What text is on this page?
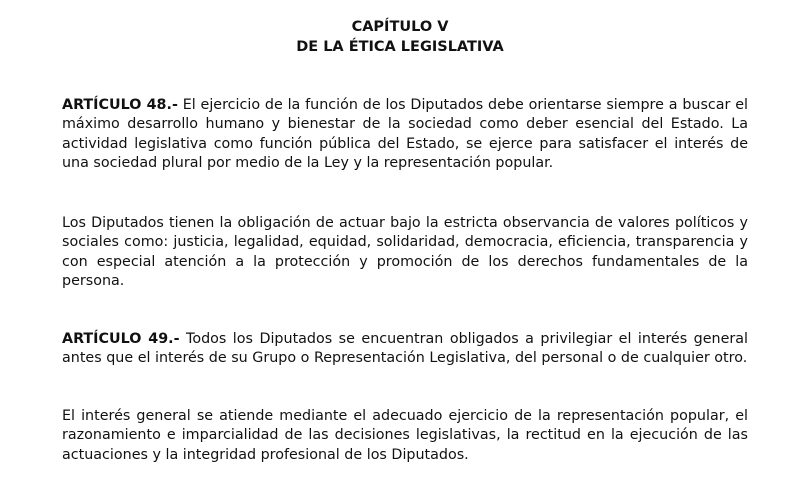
CAPÍTULO V
DE LA ÉTICA LEGISLATIVA

ARTÍCULO 48.- El ejercicio de la función de los Diputados debe orientarse siempre a buscar el máximo desarrollo humano y bienestar de la sociedad como deber esencial del Estado. La actividad legislativa como función pública del Estado, se ejerce para satisfacer el interés de una sociedad plural por medio de la Ley y la representación popular.

Los Diputados tienen la obligación de actuar bajo la estricta observancia de valores políticos y sociales como: justicia, legalidad, equidad, solidaridad, democracia, eficiencia, transparencia y con especial atención a la protección y promoción de los derechos fundamentales de la persona.

ARTÍCULO 49.- Todos los Diputados se encuentran obligados a privilegiar el interés general antes que el interés de su Grupo o Representación Legislativa, del personal o de cualquier otro.

El interés general se atiende mediante el adecuado ejercicio de la representación popular, el razonamiento e imparcialidad de las decisiones legislativas, la rectitud en la ejecución de las actuaciones y la integridad profesional de los Diputados.
